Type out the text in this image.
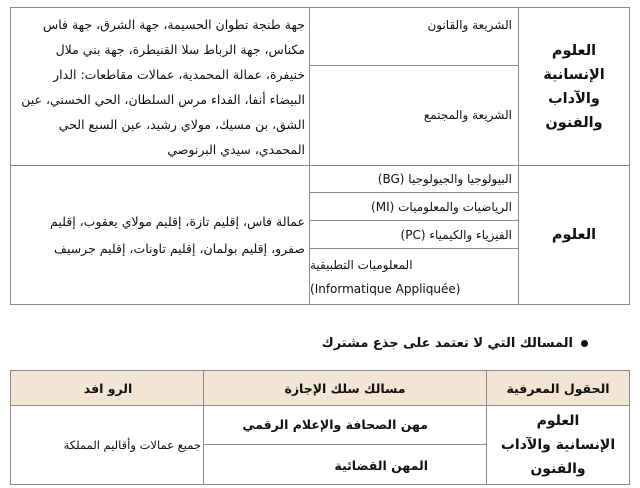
العلوم
الإنسانية والآداب
والفنون
الشريعة والقانون
الشريعة والمجتمع
جهة طنجة تطوان الحسيمة، جهة الشرق، جهة فاس
مكناس، جهة الرباط سلا القنيطرة، جهة بني ملال
خنيفرة، عمالة المحمدية، عمالات مقاطعات: الدار
البيضاء أنفا، الفداء مرس السلطان، الحي الحسني، عين
الشق، بن مسيك، مولاي رشيد، عين السبع الحي
المحمدي، سيدي البرنوصي
العلوم
البيولوجيا والجيولوجيا (BG)
الرياضيات والمعلوميات (MI)
الفيزياء والكيمياء (PC)
المعلوميات التطبيقية
(Informatique Appliquée)
عمالة فاس، إقليم تازة، إقليم مولاي يعقوب، إقليم
صفرو، إقليم بولمان، إقليم تاونات، إقليم جرسيف
المسالك التي لا تعتمد على جذع مشترك
الحقول المعرفية
مسالك سلك الإجازة
الرو افد
العلوم
الإنسانية والآداب والفنون
مهن الصحافة والإعلام الرقمي
المهن القضائية
جميع عمالات وأقاليم المملكة
